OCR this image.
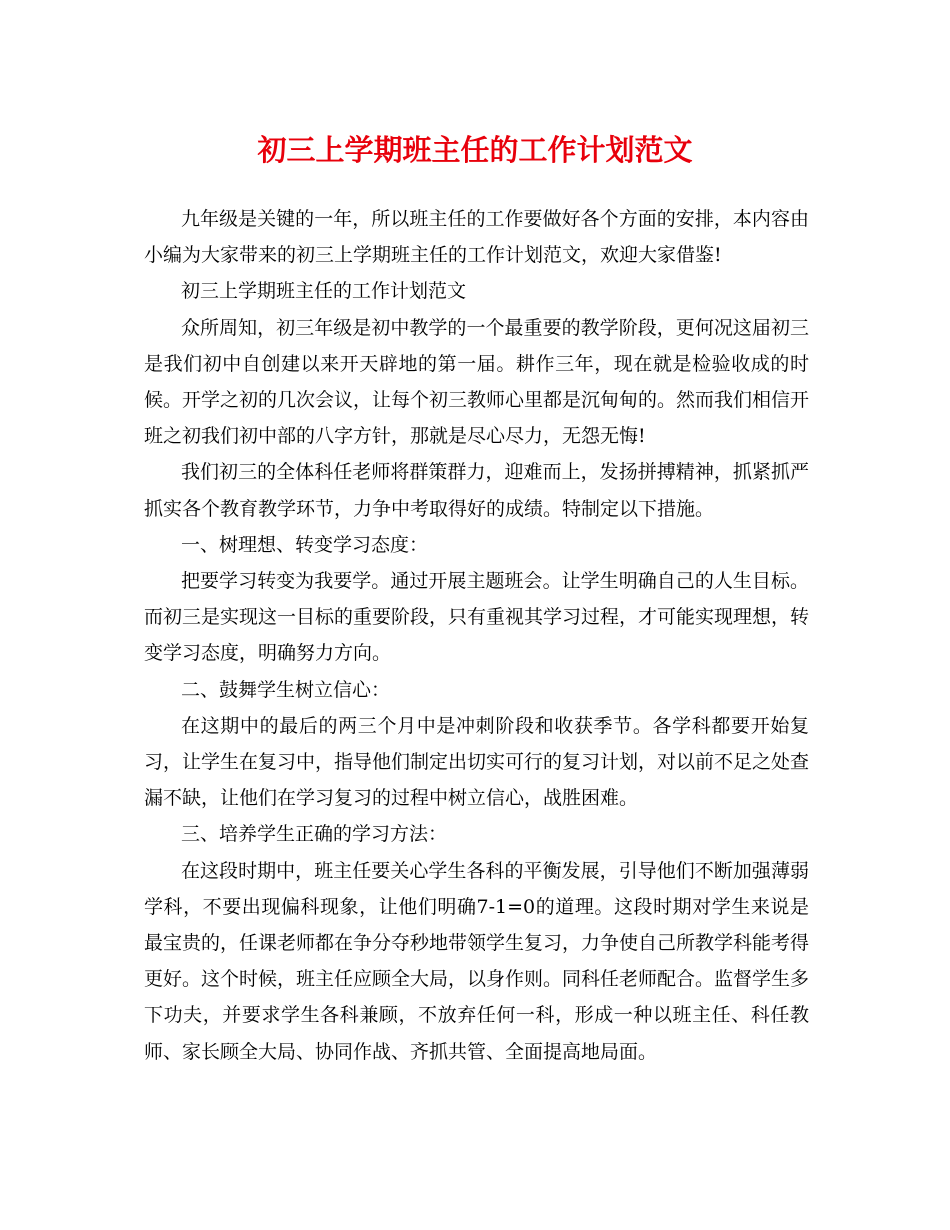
初三上学期班主任的工作计划范文

九年级是关键的一年，所以班主任的工作要做好各个方面的安排，本内容由小编为大家带来的初三上学期班主任的工作计划范文，欢迎大家借鉴!

初三上学期班主任的工作计划范文

众所周知，初三年级是初中教学的一个最重要的教学阶段，更何况这届初三是我们初中自创建以来开天辟地的第一届。耕作三年，现在就是检验收成的时候。开学之初的几次会议，让每个初三教师心里都是沉甸甸的。然而我们相信开班之初我们初中部的八字方针，那就是尽心尽力，无怨无悔!

我们初三的全体科任老师将群策群力，迎难而上，发扬拼搏精神，抓紧抓严抓实各个教育教学环节，力争中考取得好的成绩。特制定以下措施。

一、树理想、转变学习态度：

把要学习转变为我要学。通过开展主题班会。让学生明确自己的人生目标。而初三是实现这一目标的重要阶段，只有重视其学习过程，才可能实现理想，转变学习态度，明确努力方向。

二、鼓舞学生树立信心：

在这期中的最后的两三个月中是冲刺阶段和收获季节。各学科都要开始复习，让学生在复习中，指导他们制定出切实可行的复习计划，对以前不足之处查漏不缺，让他们在学习复习的过程中树立信心，战胜困难。

三、培养学生正确的学习方法：

在这段时期中，班主任要关心学生各科的平衡发展，引导他们不断加强薄弱学科，不要出现偏科现象，让他们明确7-1=0的道理。这段时期对学生来说是最宝贵的，任课老师都在争分夺秒地带领学生复习，力争使自己所教学科能考得更好。这个时候，班主任应顾全大局，以身作则。同科任老师配合。监督学生多下功夫，并要求学生各科兼顾，不放弃任何一科，形成一种以班主任、科任教师、家长顾全大局、协同作战、齐抓共管、全面提高地局面。
